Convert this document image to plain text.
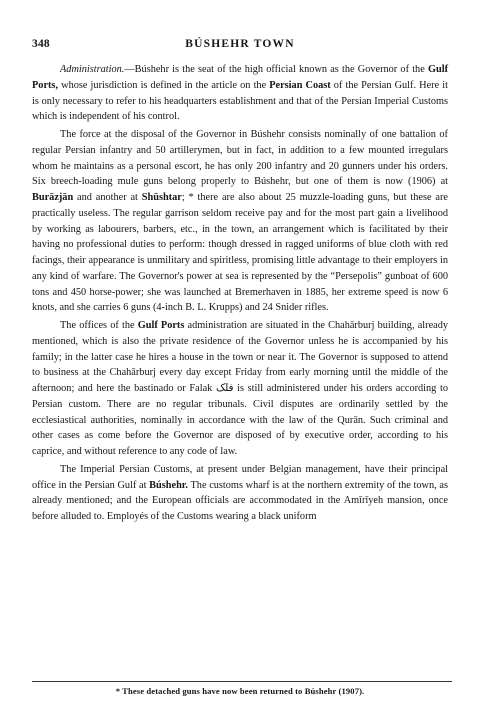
348	BÚSHEHR TOWN

Administration.—Búshehr is the seat of the high official known as the Governor of the Gulf Ports, whose jurisdiction is defined in the article on the Persian Coast of the Persian Gulf. Here it is only necessary to refer to his headquarters establishment and that of the Persian Imperial Customs which is independent of his control.

The force at the disposal of the Governor in Búshehr consists nominally of one battalion of regular Persian infantry and 50 artillerymen, but in fact, in addition to a few mounted irregulars whom he maintains as a personal escort, he has only 200 infantry and 20 gunners under his orders. Six breech-loading mule guns belong properly to Búshehr, but one of them is now (1906) at Burāzjān and another at Shūshtar; * there are also about 25 muzzle-loading guns, but these are practically useless. The regular garrison seldom receive pay and for the most part gain a livelihood by working as labourers, barbers, etc., in the town, an arrangement which is facilitated by their having no professional duties to perform: though dressed in ragged uniforms of blue cloth with red facings, their appearance is unmilitary and spiritless, promising little advantage to their employers in any kind of warfare. The Governor's power at sea is represented by the “Persepolis” gunboat of 600 tons and 450 horse-power; she was launched at Bremerhaven in 1885, her extreme speed is now 6 knots, and she carries 6 guns (4-inch B. L. Krupps) and 24 Snider rifles.

The offices of the Gulf Ports administration are situated in the Chahārburj building, already mentioned, which is also the private residence of the Governor unless he is accompanied by his family; in the latter case he hires a house in the town or near it. The Governor is supposed to attend to business at the Chahārburj every day except Friday from early morning until the middle of the afternoon; and here the bastinado or Falak فلک is still administered under his orders according to Persian custom. There are no regular tribunals. Civil disputes are ordinarily settled by the ecclesiastical authorities, nominally in accordance with the law of the Qurān. Such criminal and other cases as come before the Governor are disposed of by executive order, according to his caprice, and without reference to any code of law.

The Imperial Persian Customs, at present under Belgian management, have their principal office in the Persian Gulf at Búshehr. The customs wharf is at the northern extremity of the town, as already mentioned; and the European officials are accommodated in the Amīrīyeh mansion, once before alluded to. Employés of the Customs wearing a black uniform

* These detached guns have now been returned to Búshehr (1907).
